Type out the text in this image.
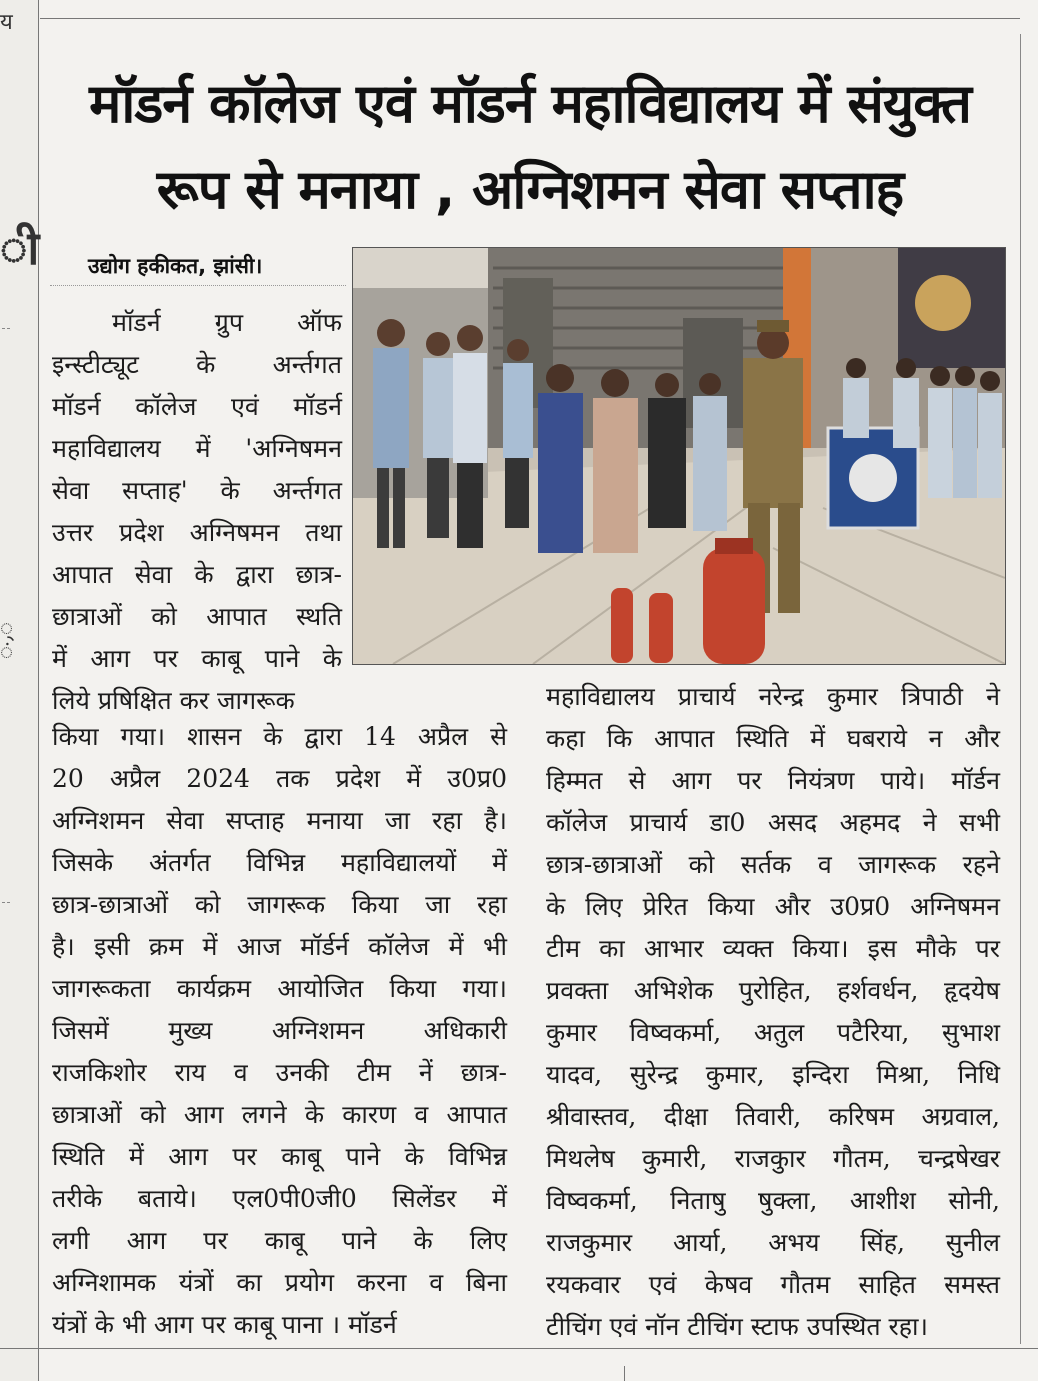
य
ी
्
ं
मॉडर्न कॉलेज एवं मॉडर्न महाविद्यालय में संयुक्त
रूप से मनाया , अग्निशमन सेवा सप्ताह
उद्योग हकीकत, झांसी।
मॉडर्न ग्रुप ऑफ
इन्स्टीट्यूट के अर्न्तगत
मॉडर्न कॉलेज एवं मॉडर्न
महाविद्यालय में 'अग्निषमन
सेवा सप्ताह' के अर्न्तगत
उत्तर प्रदेश अग्निषमन तथा
आपात सेवा के द्वारा छात्र-
छात्राओं को आपात स्थति
में आग पर काबू पाने के
लिये प्रषिक्षित कर जागरूक
किया गया। शासन के द्वारा 14 अप्रैल से
20 अप्रैल 2024 तक प्रदेश में उ0प्र0
अग्निशमन सेवा सप्ताह मनाया जा रहा है।
जिसके अंतर्गत विभिन्न महाविद्यालयों में
छात्र-छात्राओं को जागरूक किया जा रहा
है। इसी क्रम में आज मॉर्डर्न कॉलेज में भी
जागरूकता कार्यक्रम आयोजित किया गया।
जिसमें मुख्य अग्निशमन अधिकारी
राजकिशोर राय व उनकी टीम नें छात्र-
छात्राओं को आग लगने के कारण व आपात
स्थिति में आग पर काबू पाने के विभिन्न
तरीके बताये। एल0पी0जी0 सिलेंडर में
लगी आग पर काबू पाने के लिए
अग्निशामक यंत्रों का प्रयोग करना व बिना
यंत्रों के भी आग पर काबू पाना । मॉडर्न
महाविद्यालय प्राचार्य नरेन्द्र कुमार त्रिपाठी ने
कहा कि आपात स्थिति में घबराये न और
हिम्मत से आग पर नियंत्रण पाये। मॉर्डन
कॉलेज प्राचार्य डा0 असद अहमद ने सभी
छात्र-छात्राओं को सर्तक व जागरूक रहने
के लिए प्रेरित किया और उ0प्र0 अग्निषमन
टीम का आभार व्यक्त किया। इस मौके पर
प्रवक्ता अभिशेक पुरोहित, हर्शवर्धन, हृदयेष
कुमार विष्वकर्मा, अतुल पटैरिया, सुभाश
यादव, सुरेन्द्र कुमार, इन्दिरा मिश्रा, निधि
श्रीवास्तव, दीक्षा तिवारी, करिषम अग्रवाल,
मिथलेष कुमारी, राजकुार गौतम, चन्द्रषेखर
विष्वकर्मा, निताषु षुक्ला, आशीश सोनी,
राजकुमार आर्या, अभय सिंह, सुनील
रयकवार एवं केषव गौतम साहित समस्त
टीचिंग एवं नॉन टीचिंग स्टाफ उपस्थित रहा।
